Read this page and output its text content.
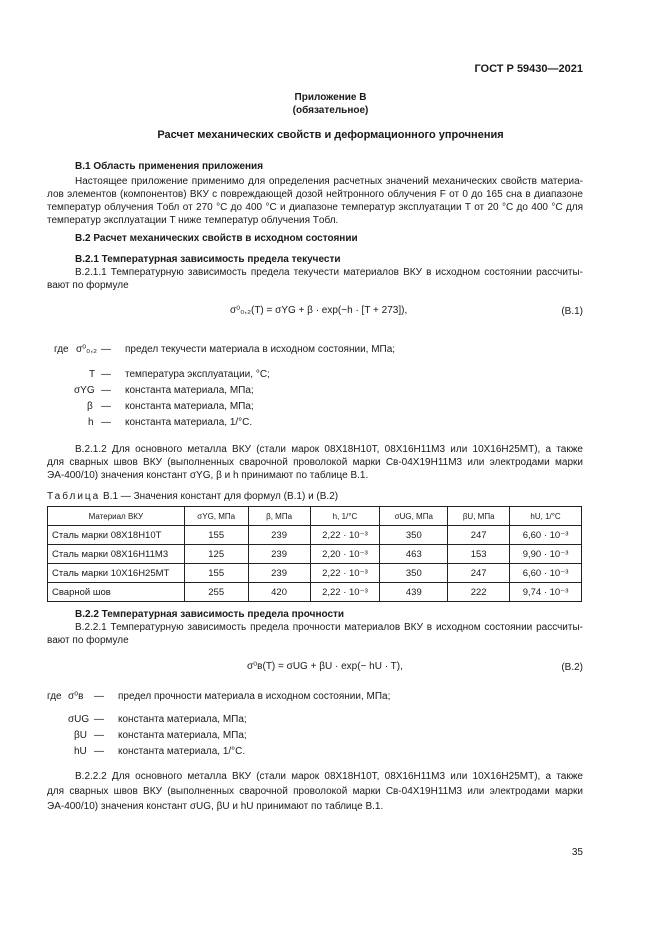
ГОСТ Р 59430—2021
Приложение В
(обязательное)
Расчет механических свойств и деформационного упрочнения
В.1 Область применения приложения
Настоящее приложение применимо для определения расчетных значений механических свойств материа-
лов элементов (компонентов) ВКУ с повреждающей дозой нейтронного облучения F от 0 до 165 сна в диапазоне
температур облучения Tобл от 270 °С до 400 °С и диапазоне температур эксплуатации T от 20 °С до 400 °С для
температур эксплуатации T ниже температур облучения Tобл.
В.2 Расчет механических свойств в исходном состоянии
В.2.1 Температурная зависимость предела текучести
В.2.1.1 Температурную зависимость предела текучести материалов ВКУ в исходном состоянии рассчиты-
вают по формуле
σ⁰₀,₂(T) = σYG + β · exp(−h · [T + 273]),	(В.1)
где σ⁰₀,₂ — предел текучести материала в исходном состоянии, МПа;
T — температура эксплуатации, °С;
σYG — константа материала, МПа;
β — константа материала, МПа;
h — константа материала, 1/°С.
В.2.1.2 Для основного металла ВКУ (стали марок 08Х18Н10Т, 08Х16Н11М3 или 10Х16Н25МТ), а также
для сварных швов ВКУ (выполненных сварочной проволокой марки Св-04Х19Н11М3 или электродами марки
ЭА-400/10) значения констант σYG, β и h принимают по таблице В.1.
Таблица В.1 — Значения констант для формул (В.1) и (В.2)
Материал ВКУ	σYG, МПа	β, МПа	h, 1/°С	σUG, МПа	βU, МПа	hU, 1/°С
Сталь марки 08Х18Н10Т	155	239	2,22 · 10⁻³	350	247	6,60 · 10⁻³
Сталь марки 08Х16Н11М3	125	239	2,20 · 10⁻³	463	153	9,90 · 10⁻³
Сталь марки 10Х16Н25МТ	155	239	2,22 · 10⁻³	350	247	6,60 · 10⁻³
Сварной шов	255	420	2,22 · 10⁻³	439	222	9,74 · 10⁻³
В.2.2 Температурная зависимость предела прочности
В.2.2.1 Температурную зависимость предела прочности материалов ВКУ в исходном состоянии рассчиты-
вают по формуле
σ⁰в(T) = σUG + βU · exp(− hU · T),	(В.2)
где σ⁰в — предел прочности материала в исходном состоянии, МПа;
σUG — константа материала, МПа;
βU — константа материала, МПа;
hU — константа материала, 1/°С.
В.2.2.2 Для основного металла ВКУ (стали марок 08Х18Н10Т, 08Х16Н11М3 или 10Х16Н25МТ), а также
для сварных швов ВКУ (выполненных сварочной проволокой марки Св-04Х19Н11М3 или электродами марки
ЭА-400/10) значения констант σUG, βU и hU принимают по таблице В.1.
35
